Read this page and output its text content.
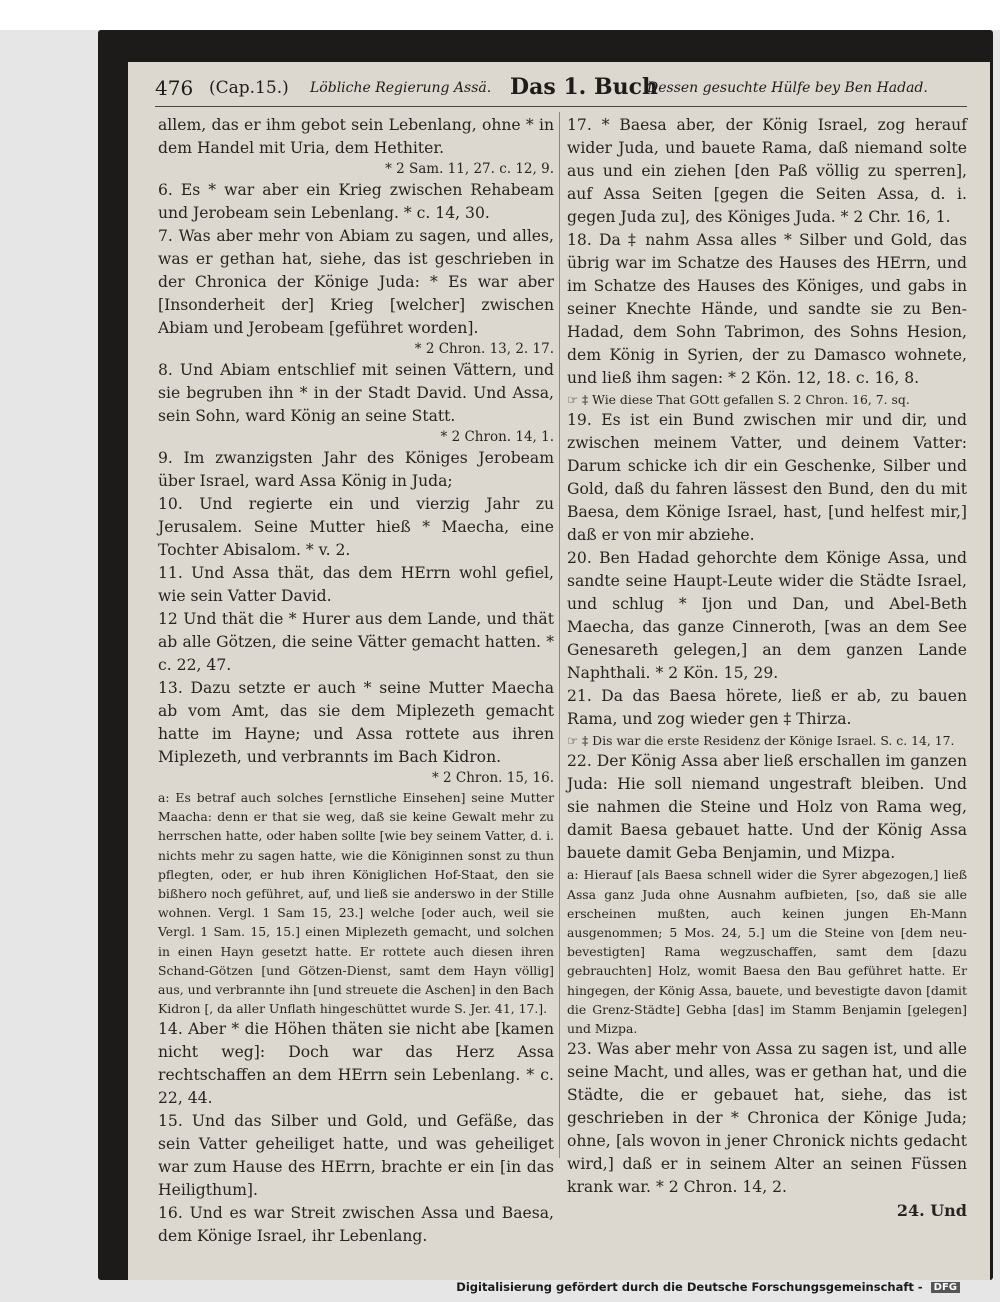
476 (Cap.15.) Löbliche Regierung Assä. Das 1. Buch
Dessen gesuchte Hülfe bey Ben Hadad.

allem, das er ihm gebot sein Lebenlang, ohne * in dem Handel mit Uria, dem Hethiter.

* 2 Sam. 11, 27. c. 12, 9.

6. Es * war aber ein Krieg zwischen Rehabeam und Jerobeam sein Lebenlang. * c. 14, 30.

7. Was aber mehr von Abiam zu sagen, und alles, was er gethan hat, siehe, das ist geschrieben in der Chronica der Könige Juda: * Es war aber [Insonderheit der] Krieg [welcher] zwischen Abiam und Jerobeam [geführet worden].

* 2 Chron. 13, 2. 17.

8. Und Abiam entschlief mit seinen Vättern, und sie begruben ihn * in der Stadt David. Und Assa, sein Sohn, ward König an seine Statt.

* 2 Chron. 14, 1.

9. Im zwanzigsten Jahr des Königes Jerobeam über Israel, ward Assa König in Juda;

10. Und regierte ein und vierzig Jahr zu Jerusalem. Seine Mutter hieß * Maecha, eine Tochter Abisalom. * v. 2.

11. Und Assa thät, das dem HErrn wohl gefiel, wie sein Vatter David.

12 Und thät die * Hurer aus dem Lande, und thät ab alle Götzen, die seine Vätter gemacht hatten. * c. 22, 47.

13. Dazu setzte er auch * seine Mutter Maecha ab vom Amt, das sie dem Miplezeth gemacht hatte im Hayne; und Assa rottete aus ihren Miplezeth, und verbrannts im Bach Kidron.

* 2 Chron. 15, 16.

a: Es betraf auch solches [ernstliche Einsehen] seine Mutter Maacha: denn er that sie weg, daß sie keine Gewalt mehr zu herrschen hatte, oder haben sollte [wie bey seinem Vatter, d. i. nichts mehr zu sagen hatte, wie die Königinnen sonst zu thun pflegten, oder, er hub ihren Königlichen Hof-Staat, den sie bißhero noch geführet, auf, und ließ sie anderswo in der Stille wohnen. Vergl. 1 Sam 15, 23.] welche [oder auch, weil sie Vergl. 1 Sam. 15, 15.] einen Miplezeth gemacht, und solchen in einen Hayn gesetzt hatte. Er rottete auch diesen ihren Schand-Götzen [und Götzen-Dienst, samt dem Hayn völlig] aus, und verbrannte ihn [und streuete die Aschen] in den Bach Kidron [, da aller Unflath hingeschüttet wurde S. Jer. 41, 17.].

14. Aber * die Höhen thäten sie nicht abe [kamen nicht weg]: Doch war das Herz Assa rechtschaffen an dem HErrn sein Lebenlang. * c. 22, 44.

15. Und das Silber und Gold, und Gefäße, das sein Vatter geheiliget hatte, und was geheiliget war zum Hause des HErrn, brachte er ein [in das Heiligthum].

16. Und es war Streit zwischen Assa und Baesa, dem Könige Israel, ihr Lebenlang.

17. * Baesa aber, der König Israel, zog herauf wider Juda, und bauete Rama, daß niemand solte aus und ein ziehen [den Paß völlig zu sperren], auf Assa Seiten [gegen die Seiten Assa, d. i. gegen Juda zu], des Königes Juda. * 2 Chr. 16, 1.

18. Da ‡ nahm Assa alles * Silber und Gold, das übrig war im Schatze des Hauses des HErrn, und im Schatze des Hauses des Königes, und gabs in seiner Knechte Hände, und sandte sie zu Ben-Hadad, dem Sohn Tabrimon, des Sohns Hesion, dem König in Syrien, der zu Damasco wohnete, und ließ ihm sagen: * 2 Kön. 12, 18. c. 16, 8.

☞ ‡ Wie diese That GOtt gefallen S. 2 Chron. 16, 7. sq.

19. Es ist ein Bund zwischen mir und dir, und zwischen meinem Vatter, und deinem Vatter: Darum schicke ich dir ein Geschenke, Silber und Gold, daß du fahren lässest den Bund, den du mit Baesa, dem Könige Israel, hast, [und helfest mir,] daß er von mir abziehe.

20. Ben Hadad gehorchte dem Könige Assa, und sandte seine Haupt-Leute wider die Städte Israel, und schlug * Ijon und Dan, und Abel-Beth Maecha, das ganze Cinneroth, [was an dem See Genesareth gelegen,] an dem ganzen Lande Naphthali. * 2 Kön. 15, 29.

21. Da das Baesa hörete, ließ er ab, zu bauen Rama, und zog wieder gen ‡ Thirza.

☞ ‡ Dis war die erste Residenz der Könige Israel. S. c. 14, 17.

22. Der König Assa aber ließ erschallen im ganzen Juda: Hie soll niemand ungestraft bleiben. Und sie nahmen die Steine und Holz von Rama weg, damit Baesa gebauet hatte. Und der König Assa bauete damit Geba Benjamin, und Mizpa.

a: Hierauf [als Baesa schnell wider die Syrer abgezogen,] ließ Assa ganz Juda ohne Ausnahm aufbieten, [so, daß sie alle erscheinen mußten, auch keinen jungen Eh-Mann ausgenommen; 5 Mos. 24, 5.] um die Steine von [dem neu-bevestigten] Rama wegzuschaffen, samt dem [dazu gebrauchten] Holz, womit Baesa den Bau geführet hatte. Er hingegen, der König Assa, bauete, und bevestigte davon [damit die Grenz-Städte] Gebha [das] im Stamm Benjamin [gelegen] und Mizpa.

23. Was aber mehr von Assa zu sagen ist, und alle seine Macht, und alles, was er gethan hat, und die Städte, die er gebauet hat, siehe, das ist geschrieben in der * Chronica der Könige Juda; ohne, [als wovon in jener Chronick nichts gedacht wird,] daß er in seinem Alter an seinen Füssen krank war. * 2 Chron. 14, 2.

24. Und

Digitalisierung gefördert durch die Deutsche Forschungsgemeinschaft - DFG
